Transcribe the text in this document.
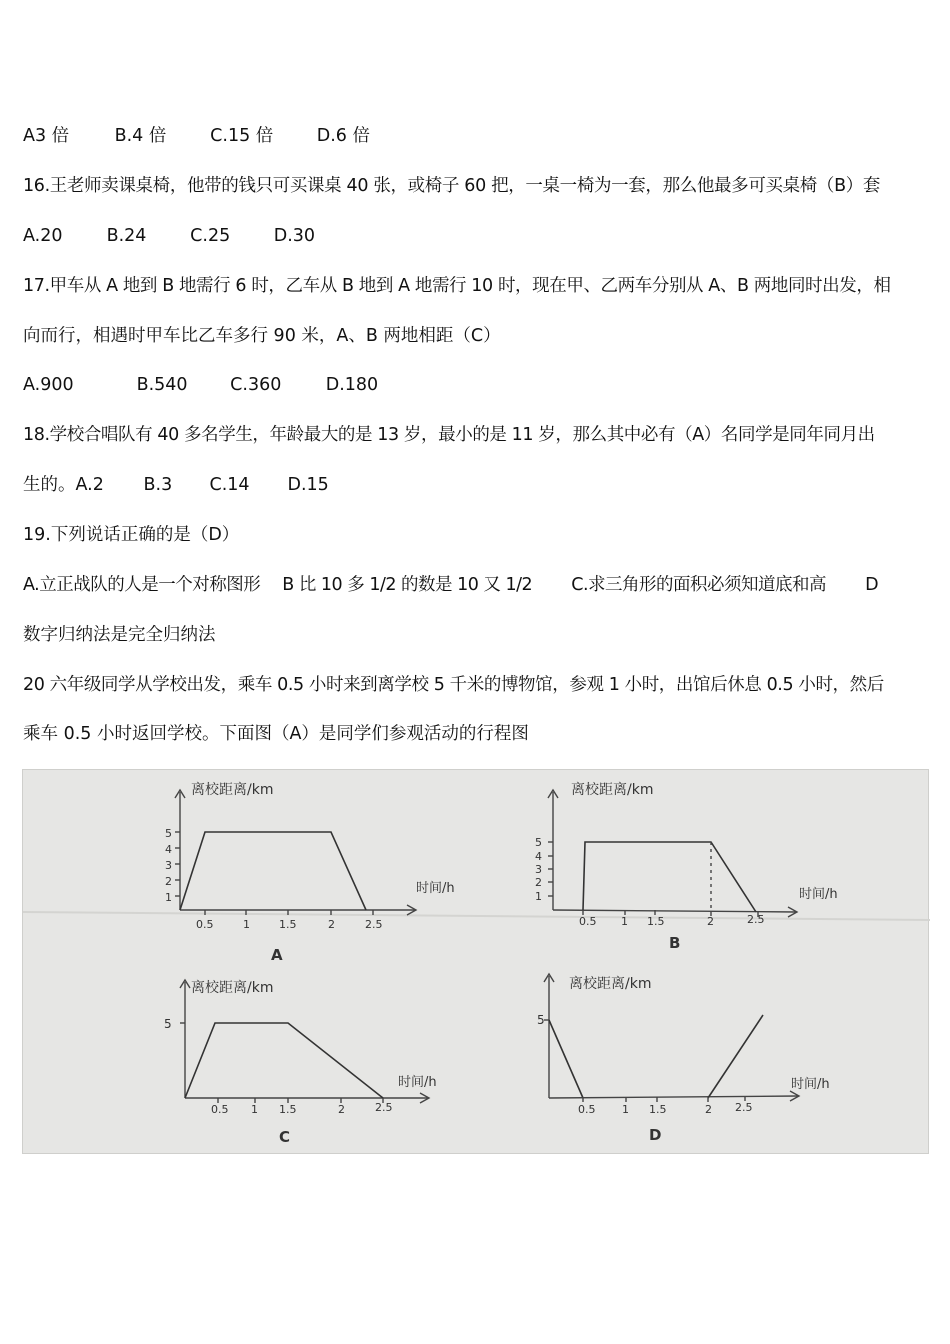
A3 倍	B.4 倍	C.15 倍 D.6 倍
16.王老师卖课桌椅，他带的钱只可买课桌 40 张，或椅子 60 把，一桌一椅为一套，那么他最多可买桌椅（B）套
A.20	B.24 C.25 D.30
17.甲车从 A 地到 B 地需行 6 时，乙车从 B 地到 A 地需行 10 时，现在甲、乙两车分别从 A、B 两地同时出发，相
向而行，相遇时甲车比乙车多行 90 米，A、B 两地相距（C）
A.900	B.540 C.360	D.180
18.学校合唱队有 40 多名学生，年龄最大的是 13 岁，最小的是 11 岁，那么其中必有（A）名同学是同年同月出
生的。A.2 B.3 C.14 D.15
19.下列说话正确的是（D）
A.立正战队的人是一个对称图形　 B 比 10 多 1/2 的数是 10 又 1/2　　 C.求三角形的面积必须知道底和高　　 D
数字归纳法是完全归纳法
20 六年级同学从学校出发，乘车 0.5 小时来到离学校 5 千米的博物馆，参观 1 小时，出馆后休息 0.5 小时，然后
乘车 0.5 小时返回学校。下面图（A）是同学们参观活动的行程图
离校距离/km
时间/h
5
4
3
2
1
0.5	1	1.5	2	2.5
A
离校距离/km
时间/h
5
4
3
2
1
0.5 1 1.5	2	2.5
B
离校距离/km
时间/h
5
0.5 1 1.5	2	2.5
C
离校距离/km
时间/h
5
0.5 1 1.5	2 2.5
D
